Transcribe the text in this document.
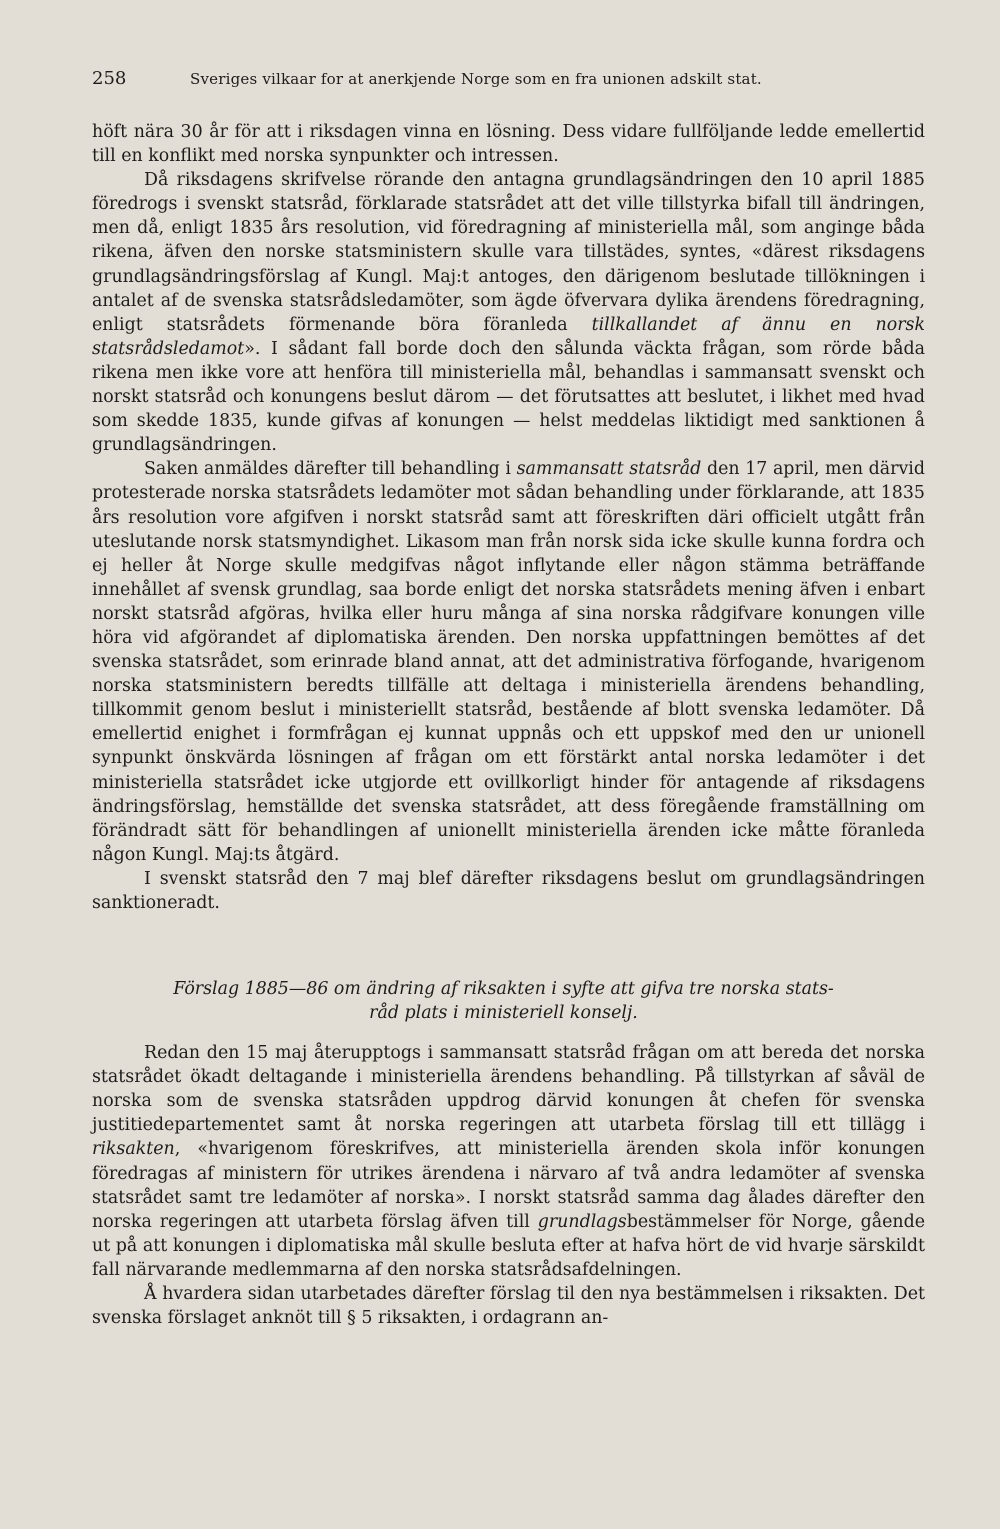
258	Sveriges vilkaar for at anerkjende Norge som en fra unionen adskilt stat.

höft nära 30 år för att i riksdagen vinna en lösning. Dess vidare fullföljande ledde emellertid till en konflikt med norska synpunkter och intressen.

Då riksdagens skrifvelse rörande den antagna grundlagsändringen den 10 april 1885 föredrogs i svenskt statsråd, förklarade statsrådet att det ville tillstyrka bifall till ändringen, men då, enligt 1835 års resolution, vid föredragning af ministeriella mål, som anginge båda rikena, äfven den norske statsministern skulle vara tillstädes, syntes, «därest riksdagens grundlagsändringsförslag af Kungl. Maj:t antoges, den därigenom beslutade tillökningen i antalet af de svenska statsrådsledamöter, som ägde öfvervara dylika ärendens föredragning, enligt statsrådets förmenande böra föranleda tillkallandet af ännu en norsk statsrådsledamot». I sådant fall borde doch den sålunda väckta frågan, som rörde båda rikena men ikke vore att henföra till ministeriella mål, behandlas i sammansatt svenskt och norskt statsråd och konungens beslut därom — det förutsattes att beslutet, i likhet med hvad som skedde 1835, kunde gifvas af konungen — helst meddelas liktidigt med sanktionen å grundlagsändringen.

Saken anmäldes därefter till behandling i sammansatt statsråd den 17 april, men därvid protesterade norska statsrådets ledamöter mot sådan behandling under förklarande, att 1835 års resolution vore afgifven i norskt statsråd samt att föreskriften däri officielt utgått från uteslutande norsk statsmyndighet. Likasom man från norsk sida icke skulle kunna fordra och ej heller åt Norge skulle medgifvas något inflytande eller någon stämma beträffande innehållet af svensk grundlag, saa borde enligt det norska statsrådets mening äfven i enbart norskt statsråd afgöras, hvilka eller huru många af sina norska rådgifvare konungen ville höra vid afgörandet af diplomatiska ärenden. Den norska uppfattningen bemöttes af det svenska statsrådet, som erinrade bland annat, att det administrativa förfogande, hvarigenom norska statsministern beredts tillfälle att deltaga i ministeriella ärendens behandling, tillkommit genom beslut i ministeriellt statsråd, bestående af blott svenska ledamöter. Då emellertid enighet i formfrågan ej kunnat uppnås och ett uppskof med den ur unionell synpunkt önskvärda lösningen af frågan om ett förstärkt antal norska ledamöter i det ministeriella statsrådet icke utgjorde ett ovillkorligt hinder för antagende af riksdagens ändringsförslag, hemställde det svenska statsrådet, att dess föregående framställning om förändradt sätt för behandlingen af unionellt ministeriella ärenden icke måtte föranleda någon Kungl. Maj:ts åtgärd.

I svenskt statsråd den 7 maj blef därefter riksdagens beslut om grundlagsändringen sanktioneradt.

Förslag 1885—86 om ändring af riksakten i syfte att gifva tre norska stats-
råd plats i ministeriell konselj.

Redan den 15 maj återupptogs i sammansatt statsråd frågan om att bereda det norska statsrådet ökadt deltagande i ministeriella ärendens behandling. På tillstyrkan af såväl de norska som de svenska statsråden uppdrog därvid konungen åt chefen för svenska justitiedepartementet samt åt norska regeringen att utarbeta förslag till ett tillägg i riksakten, «hvarigenom föreskrifves, att ministeriella ärenden skola inför konungen föredragas af ministern för utrikes ärendena i närvaro af två andra ledamöter af svenska statsrådet samt tre ledamöter af norska». I norskt statsråd samma dag ålades därefter den norska regeringen att utarbeta förslag äfven till grundlagsbestämmelser för Norge, gående ut på att konungen i diplomatiska mål skulle besluta efter at hafva hört de vid hvarje särskildt fall närvarande medlemmarna af den norska statsrådsafdelningen.

Å hvardera sidan utarbetades därefter förslag til den nya bestämmelsen i riksakten. Det svenska förslaget anknöt till § 5 riksakten, i ordagrann an-
